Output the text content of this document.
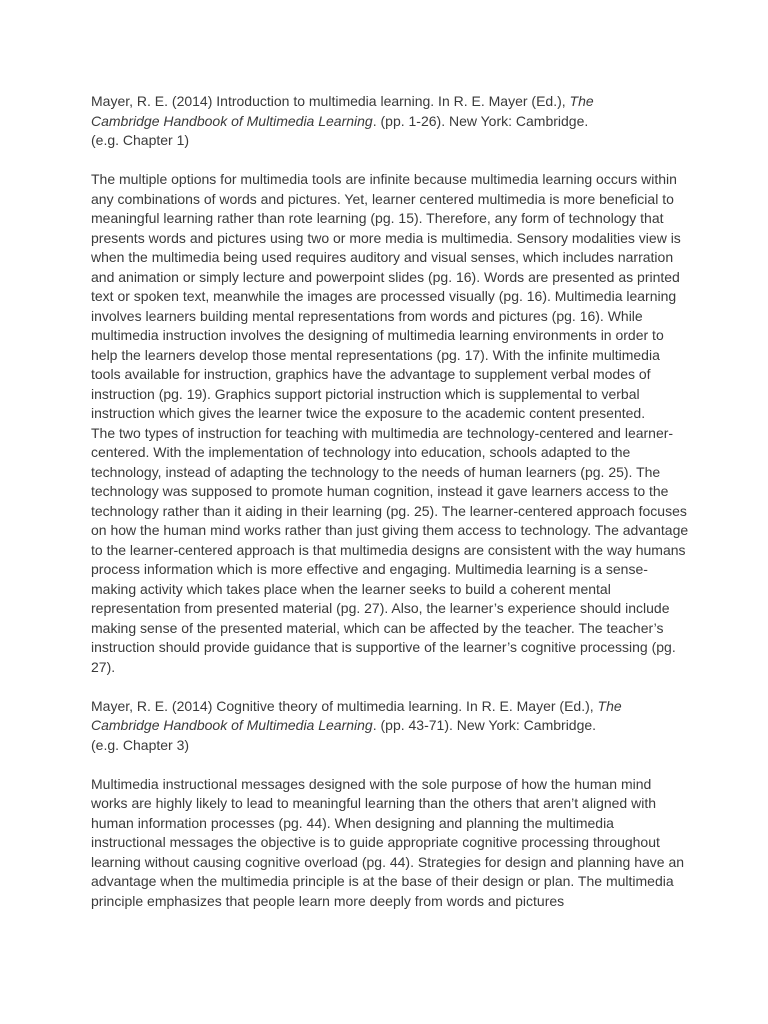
Mayer, R. E. (2014) Introduction to multimedia learning. In R. E. Mayer (Ed.), The

Cambridge Handbook of Multimedia Learning. (pp. 1-26). New York: Cambridge.

(e.g. Chapter 1)

The multiple options for multimedia tools are infinite because multimedia learning occurs within any combinations of words and pictures. Yet, learner centered multimedia is more beneficial to meaningful learning rather than rote learning (pg. 15). Therefore, any form of technology that presents words and pictures using two or more media is multimedia. Sensory modalities view is when the multimedia being used requires auditory and visual senses, which includes narration and animation or simply lecture and powerpoint slides (pg. 16). Words are presented as printed text or spoken text, meanwhile the images are processed visually (pg. 16). Multimedia learning involves learners building mental representations from words and pictures (pg. 16). While multimedia instruction involves the designing of multimedia learning environments in order to help the learners develop those mental representations (pg. 17). With the infinite multimedia tools available for instruction, graphics have the advantage to supplement verbal modes of instruction (pg. 19). Graphics support pictorial instruction which is supplemental to verbal instruction which gives the learner twice the exposure to the academic content presented.

The two types of instruction for teaching with multimedia are technology-centered and learner-centered. With the implementation of technology into education, schools adapted to the technology, instead of adapting the technology to the needs of human learners (pg. 25). The technology was supposed to promote human cognition, instead it gave learners access to the technology rather than it aiding in their learning (pg. 25). The learner-centered approach focuses on how the human mind works rather than just giving them access to technology. The advantage to the learner-centered approach is that multimedia designs are consistent with the way humans process information which is more effective and engaging. Multimedia learning is a sense-making activity which takes place when the learner seeks to build a coherent mental representation from presented material (pg. 27). Also, the learner’s experience should include making sense of the presented material, which can be affected by the teacher. The teacher’s instruction should provide guidance that is supportive of the learner’s cognitive processing (pg. 27).

Mayer, R. E. (2014) Cognitive theory of multimedia learning. In R. E. Mayer (Ed.), The

Cambridge Handbook of Multimedia Learning. (pp. 43-71). New York: Cambridge.

(e.g. Chapter 3)

Multimedia instructional messages designed with the sole purpose of how the human mind works are highly likely to lead to meaningful learning than the others that aren’t aligned with human information processes (pg. 44). When designing and planning the multimedia instructional messages the objective is to guide appropriate cognitive processing throughout learning without causing cognitive overload (pg. 44). Strategies for design and planning have an advantage when the multimedia principle is at the base of their design or plan. The multimedia principle emphasizes that people learn more deeply from words and pictures
